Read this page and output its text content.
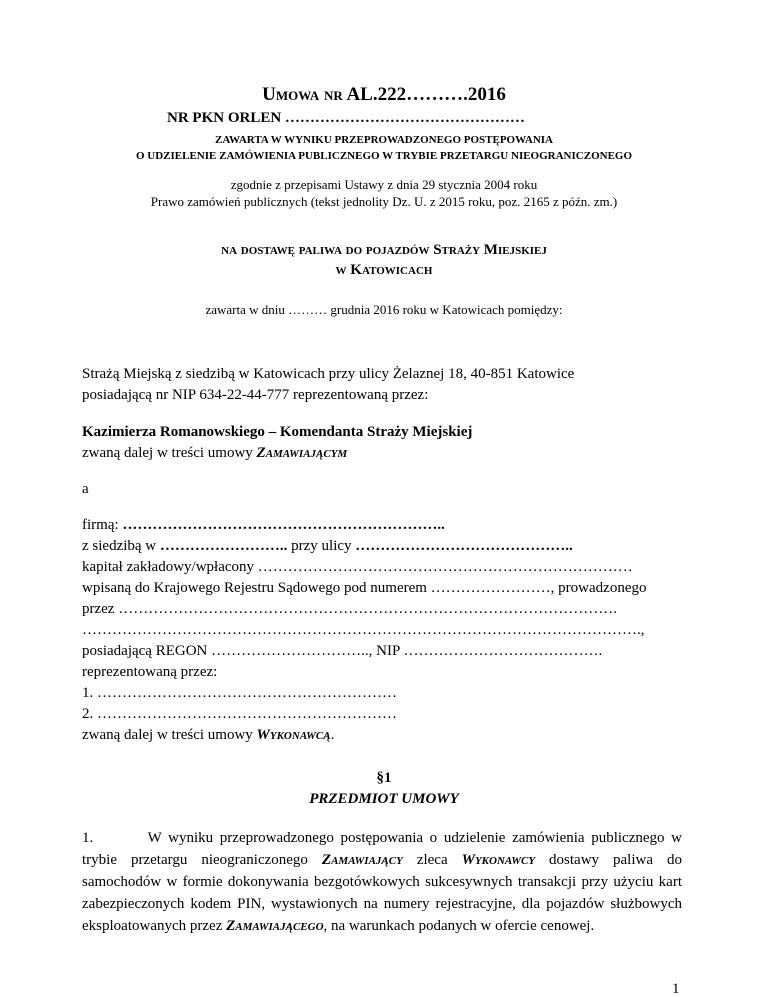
Umowa nr AL.222……….2016

NR PKN ORLEN …………………………………………

ZAWARTA W WYNIKU PRZEPROWADZONEGO POSTĘPOWANIA

O UDZIELENIE ZAMÓWIENIA PUBLICZNEGO W TRYBIE PRZETARGU NIEOGRANICZONEGO

zgodnie z przepisami Ustawy z dnia 29 stycznia 2004 roku

Prawo zamówień publicznych (tekst jednolity Dz. U. z 2015 roku, poz. 2165 z późn. zm.)

na dostawę paliwa do pojazdów Straży Miejskiej

w Katowicach

zawarta w dniu ……… grudnia 2016 roku w Katowicach pomiędzy:

Strażą Miejską z siedzibą w Katowicach przy ulicy Żelaznej 18, 40-851 Katowice

posiadającą nr NIP 634-22-44-777 reprezentowaną przez:

Kazimierza Romanowskiego – Komendanta Straży Miejskiej

zwaną dalej w treści umowy Zamawiającym

a

firmą: ………………………………………………………..

z siedzibą w …………………….. przy ulicy ……………………………………..

kapitał zakładowy/wpłacony …………………………………………………………………

wpisaną do Krajowego Rejestru Sądowego pod numerem ……………………, prowadzonego

przez ……………………………………………………………………………………….

………………………………………………………………………………………………….,

posiadającą REGON ………………………….., NIP ………………………………….

reprezentowaną przez:

1. ……………………………………………………

2. ……………………………………………………

zwaną dalej w treści umowy Wykonawcą.

§1

PRZEDMIOT UMOWY

1.	W wyniku przeprowadzonego postępowania o udzielenie zamówienia publicznego w trybie przetargu nieograniczonego Zamawiający zleca Wykonawcy dostawy paliwa do samochodów w formie dokonywania bezgotówkowych sukcesywnych transakcji przy użyciu kart zabezpieczonych kodem PIN, wystawionych na numery rejestracyjne, dla pojazdów służbowych eksploatowanych przez Zamawiającego, na warunkach podanych w ofercie cenowej.

1
